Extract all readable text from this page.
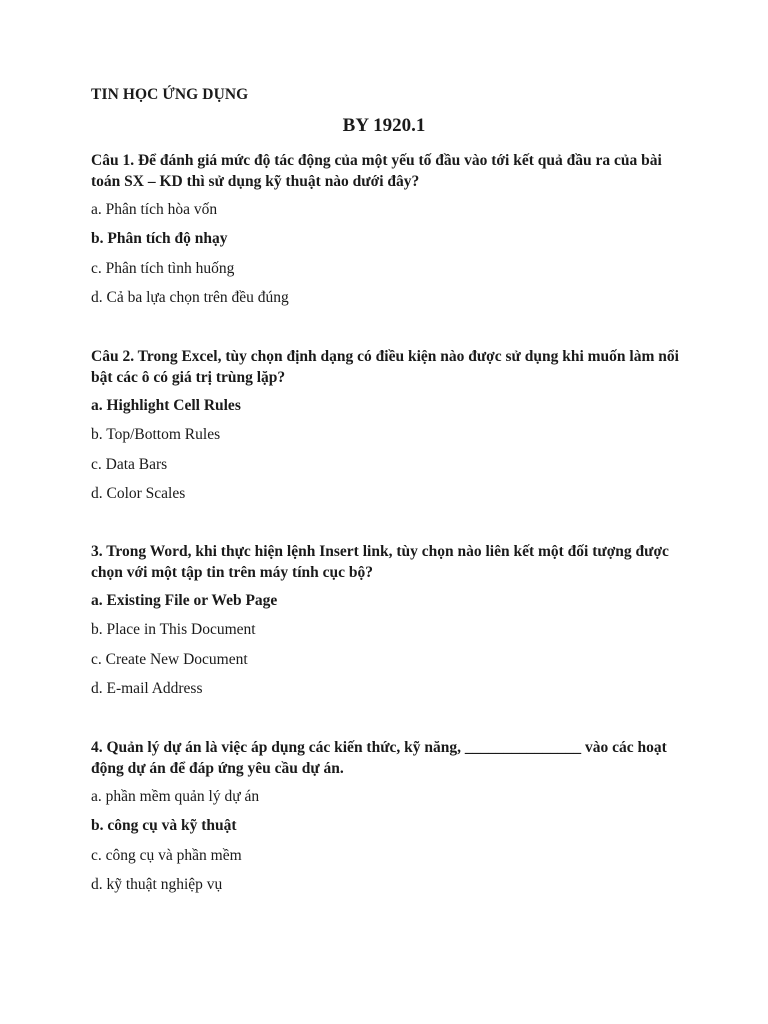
TIN HỌC ỨNG DỤNG
BY 1920.1

Câu 1. Để đánh giá mức độ tác động của một yếu tố đầu vào tới kết quả đầu ra của bài toán SX – KD thì sử dụng kỹ thuật nào dưới đây?

a. Phân tích hòa vốn

b. Phân tích độ nhạy

c. Phân tích tình huống

d. Cả ba lựa chọn trên đều đúng

Câu 2. Trong Excel, tùy chọn định dạng có điều kiện nào được sử dụng khi muốn làm nổi bật các ô có giá trị trùng lặp?

a. Highlight Cell Rules

b. Top/Bottom Rules

c. Data Bars

d. Color Scales

3. Trong Word, khi thực hiện lệnh Insert link, tùy chọn nào liên kết một đối tượng được chọn với một tập tin trên máy tính cục bộ?

a. Existing File or Web Page

b. Place in This Document

c. Create New Document

d. E-mail Address

4. Quản lý dự án là việc áp dụng các kiến thức, kỹ năng, _______________ vào các hoạt động dự án để đáp ứng yêu cầu dự án.

a. phần mềm quản lý dự án

b. công cụ và kỹ thuật

c. công cụ và phần mềm

d. kỹ thuật nghiệp vụ
